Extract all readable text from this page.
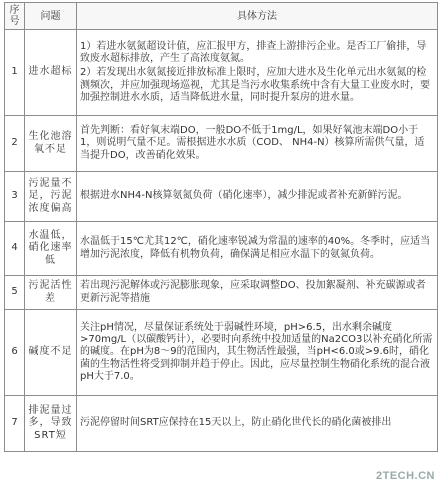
序号	问题	具体方法
1	进水超标	1）若进水氨氮超设计值，应汇报甲方，排查上游排污企业。是否工厂偷排，导致废水超标排放，产生了高浓度氨氮。

2）若发现出水氨氮接近排放标准上限时，应加大进水及生化单元出水氨氮的检测频次，并应加强现场巡视，尤其是当污水收集系统中含有大量工业废水时，要加强控制进水水质，适当降低进水量，同时提升泵房的进水量。

2	生化池溶氧不足	首先判断：看好氧末端DO，一般DO不低于1mg/L，如果好氧池末端DO小于1，则说明气量不足。需根据进水水质（COD、 NH4-N）核算所需供气量，适当提升DO，改善硝化效果。

3	污泥量不足，污泥浓度偏高	根据进水NH4-N核算氨氮负荷（硝化速率），减少排泥或者补充新鲜污泥。

4	水温低，硝化速率低	水温低于15℃尤其12℃，硝化速率锐减为常温的速率的40%。冬季时，应适当增加污泥浓度，降低有机物负荷，确保满足相应水温下的氨氮负荷。

5	污泥活性差	若出现污泥解体或污泥膨胀现象，应采取调整DO、投加絮凝剂、补充碳源或者更新污泥等措施

6	碱度不足	关注pH情况，尽量保证系统处于弱碱性环境，pH>6.5，出水剩余碱度>70mg/L（以碳酸钙计），必要时向系统中投加适量的Na2CO3以补充硝化所需的碱度。在pH为8～9的范围内，其生物活性最强，当pH<6.0或>9.6时，硝化菌的生物活性将受到抑制并趋于停止。因此，应尽量控制生物硝化系统的混合液pH大于7.0。

7	排泥量过多，导致SRT短	污泥停留时间SRT应保持在15天以上，防止硝化世代长的硝化菌被排出

2TECH.CN
